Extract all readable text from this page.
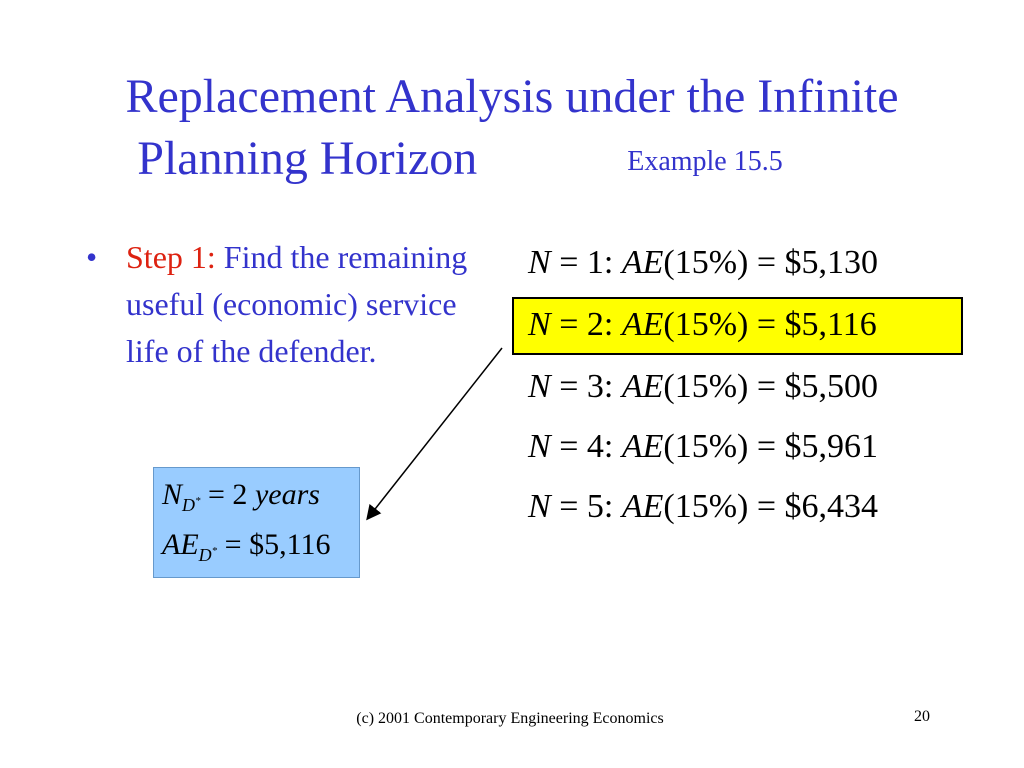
Replacement Analysis under the Infinite
Planning Horizon	Example 15.5
• Step 1: Find the remaining useful (economic) service life of the defender.
$N_{D^*} = 2$ years
$AE_{D^*}$ = $5,116
N = 1: AE(15%) = $5,130
N = 2: AE(15%) = $5,116
N = 3: AE(15%) = $5,500
N = 4: AE(15%) = $5,961
N = 5: AE(15%) = $6,434
(c) 2001 Contemporary Engineering Economics	20
